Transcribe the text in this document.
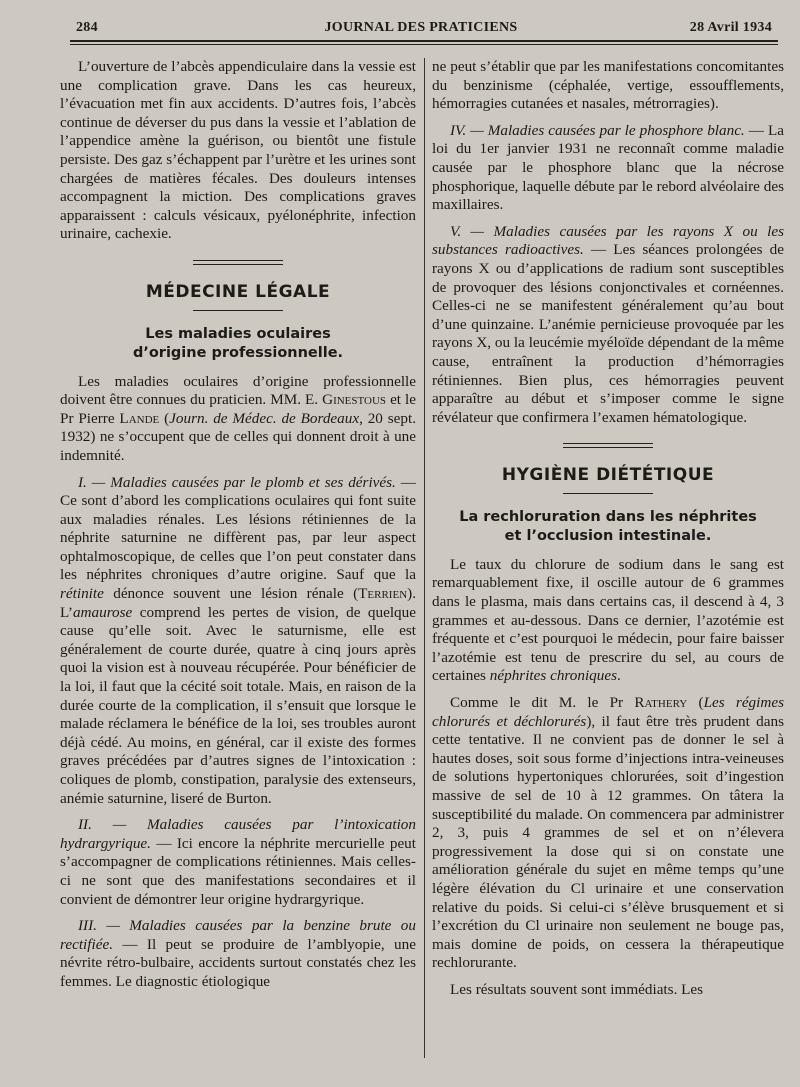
284	JOURNAL DES PRATICIENS	28 Avril 1934

L’ouverture de l’abcès appendiculaire dans la vessie est une complication grave. Dans les cas heureux, l’évacuation met fin aux accidents. D’autres fois, l’abcès continue de déverser du pus dans la vessie et l’ablation de l’appendice amène la guérison, ou bientôt une fistule persiste. Des gaz s’échappent par l’urètre et les urines sont chargées de matières fécales. Des douleurs intenses accompagnent la miction. Des complications graves apparaissent : calculs vésicaux, pyélonéphrite, infection urinaire, cachexie.

MÉDECINE LÉGALE
Les maladies oculaires
d’origine professionnelle.

Les maladies oculaires d’origine professionnelle doivent être connues du praticien. MM. E. Ginestous et le Pr Pierre Lande (Journ. de Médec. de Bordeaux, 20 sept. 1932) ne s’occupent que de celles qui donnent droit à une indemnité.

I. — Maladies causées par le plomb et ses dérivés. — Ce sont d’abord les complications oculaires qui font suite aux maladies rénales. Les lésions rétiniennes de la néphrite saturnine ne diffèrent pas, par leur aspect ophtalmoscopique, de celles que l’on peut constater dans les néphrites chroniques d’autre origine. Sauf que la rétinite dénonce souvent une lésion rénale (Terrien). L’amaurose comprend les pertes de vision, de quelque cause qu’elle soit. Avec le saturnisme, elle est généralement de courte durée, quatre à cinq jours après quoi la vision est à nouveau récupérée. Pour bénéficier de la loi, il faut que la cécité soit totale. Mais, en raison de la durée courte de la complication, il s’ensuit que lorsque le malade réclamera le bénéfice de la loi, ses troubles auront déjà cédé. Au moins, en général, car il existe des formes graves précédées par d’autres signes de l’intoxication : coliques de plomb, constipation, paralysie des extenseurs, anémie saturnine, liseré de Burton.

II. — Maladies causées par l’intoxication hydrargyrique. — Ici encore la néphrite mercurielle peut s’accompagner de complications rétiniennes. Mais celles-ci ne sont que des manifestations secondaires et il convient de démontrer leur origine hydrargyrique.

III. — Maladies causées par la benzine brute ou rectifiée. — Il peut se produire de l’amblyopie, une névrite rétro-bulbaire, accidents surtout constatés chez les femmes. Le diagnostic étiologique

ne peut s’établir que par les manifestations concomitantes du benzinisme (céphalée, vertige, essoufflements, hémorragies cutanées et nasales, métrorragies).

IV. — Maladies causées par le phosphore blanc. — La loi du 1er janvier 1931 ne reconnaît comme maladie causée par le phosphore blanc que la nécrose phosphorique, laquelle débute par le rebord alvéolaire des maxillaires.

V. — Maladies causées par les rayons X ou les substances radioactives. — Les séances prolongées de rayons X ou d’applications de radium sont susceptibles de provoquer des lésions conjonctivales et cornéennes. Celles-ci ne se manifestent généralement qu’au bout d’une quinzaine. L’anémie pernicieuse provoquée par les rayons X, ou la leucémie myéloïde dépendant de la même cause, entraînent la production d’hémorragies rétiniennes. Bien plus, ces hémorragies peuvent apparaître au début et s’imposer comme le signe révélateur que confirmera l’examen hématologique.

HYGIÈNE DIÉTÉTIQUE
La rechloruration dans les néphrites
et l’occlusion intestinale.

Le taux du chlorure de sodium dans le sang est remarquablement fixe, il oscille autour de 6 grammes dans le plasma, mais dans certains cas, il descend à 4, 3 grammes et au-dessous. Dans ce dernier, l’azotémie est fréquente et c’est pourquoi le médecin, pour faire baisser l’azotémie est tenu de prescrire du sel, au cours de certaines néphrites chroniques.

Comme le dit M. le Pr Rathery (Les régimes chlorurés et déchlorurés), il faut être très prudent dans cette tentative. Il ne convient pas de donner le sel à hautes doses, soit sous forme d’injections intra-veineuses de solutions hypertoniques chlorurées, soit d’ingestion massive de sel de 10 à 12 grammes. On tâtera la susceptibilité du malade. On commencera par administrer 2, 3, puis 4 grammes de sel et on n’élevera progressivement la dose qui si on constate une amélioration générale du sujet en même temps qu’une légère élévation du Cl urinaire et une conservation relative du poids. Si celui-ci s’élève brusquement et si l’excrétion du Cl urinaire non seulement ne bouge pas, mais domine de poids, on cessera la thérapeutique rechlorurante.

Les résultats souvent sont immédiats. Les
